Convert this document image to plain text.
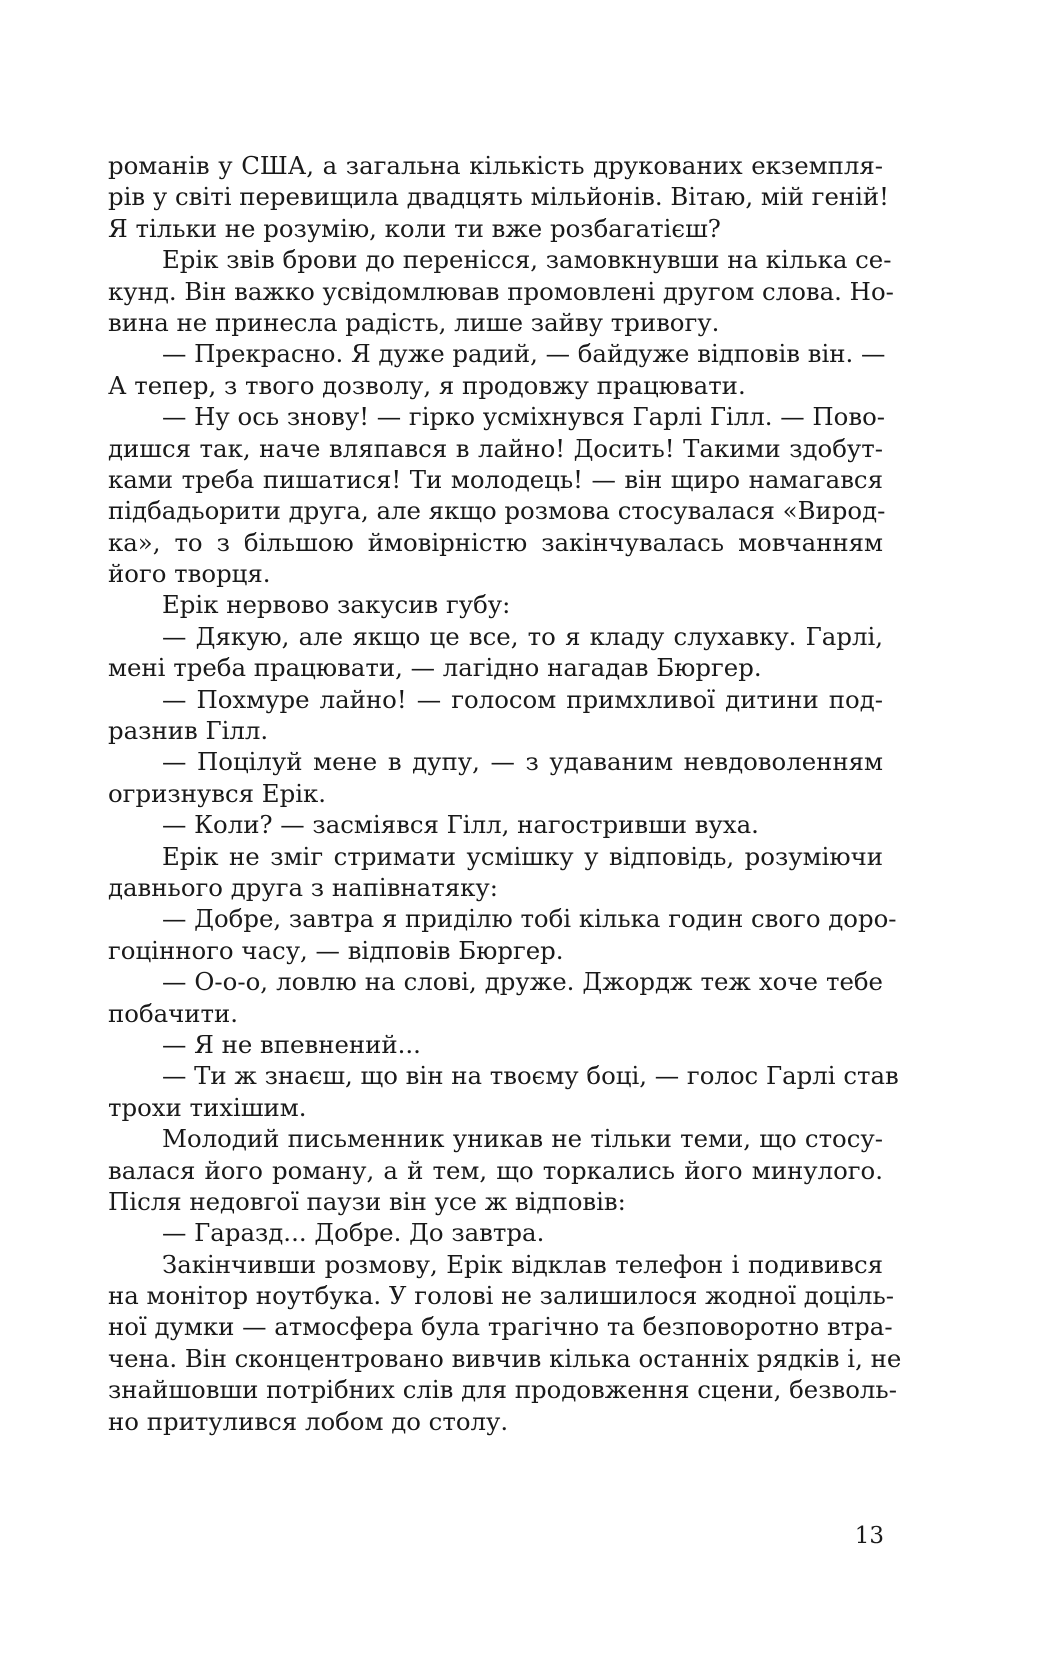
романів у США, а загальна кількість друкованих екземпля-
рів у світі перевищила двадцять мільйонів. Вітаю, мій геній!
Я тільки не розумію, коли ти вже розбагатієш?
Ерік звів брови до перенісся, замовкнувши на кілька се-
кунд. Він важко усвідомлював промовлені другом слова. Но-
вина не принесла радість, лише зайву тривогу.
— Прекрасно. Я дуже радий, — байдуже відповів він. —
А тепер, з твого дозволу, я продовжу працювати.
— Ну ось знову! — гірко усміхнувся Гарлі Гілл. — Пово-
дишся так, наче вляпався в лайно! Досить! Такими здобут-
ками треба пишатися! Ти молодець! — він щиро намагався
підбадьорити друга, але якщо розмова стосувалася «Вирод-
ка», то з більшою ймовірністю закінчувалась мовчанням
його творця.
Ерік нервово закусив губу:
— Дякую, але якщо це все, то я кладу слухавку. Гарлі,
мені треба працювати, — лагідно нагадав Бюргер.
— Похмуре лайно! — голосом примхливої дитини под-
разнив Гілл.
— Поцілуй мене в дупу, — з удаваним невдоволенням
огризнувся Ерік.
— Коли? — засміявся Гілл, нагостривши вуха.
Ерік не зміг стримати усмішку у відповідь, розуміючи
давнього друга з напівнатяку:
— Добре, завтра я приділю тобі кілька годин свого доро-
гоцінного часу, — відповів Бюргер.
— О-о-о, ловлю на слові, друже. Джордж теж хоче тебе
побачити.
— Я не впевнений...
— Ти ж знаєш, що він на твоєму боці, — голос Гарлі став
трохи тихішим.
Молодий письменник уникав не тільки теми, що стосу-
валася його роману, а й тем, що торкались його минулого.
Після недовгої паузи він усе ж відповів:
— Гаразд... Добре. До завтра.
Закінчивши розмову, Ерік відклав телефон і подивився
на монітор ноутбука. У голові не залишилося жодної доціль-
ної думки — атмосфера була трагічно та безповоротно втра-
чена. Він сконцентровано вивчив кілька останніх рядків і, не
знайшовши потрібних слів для продовження сцени, безволь-
но притулився лобом до столу.
13
